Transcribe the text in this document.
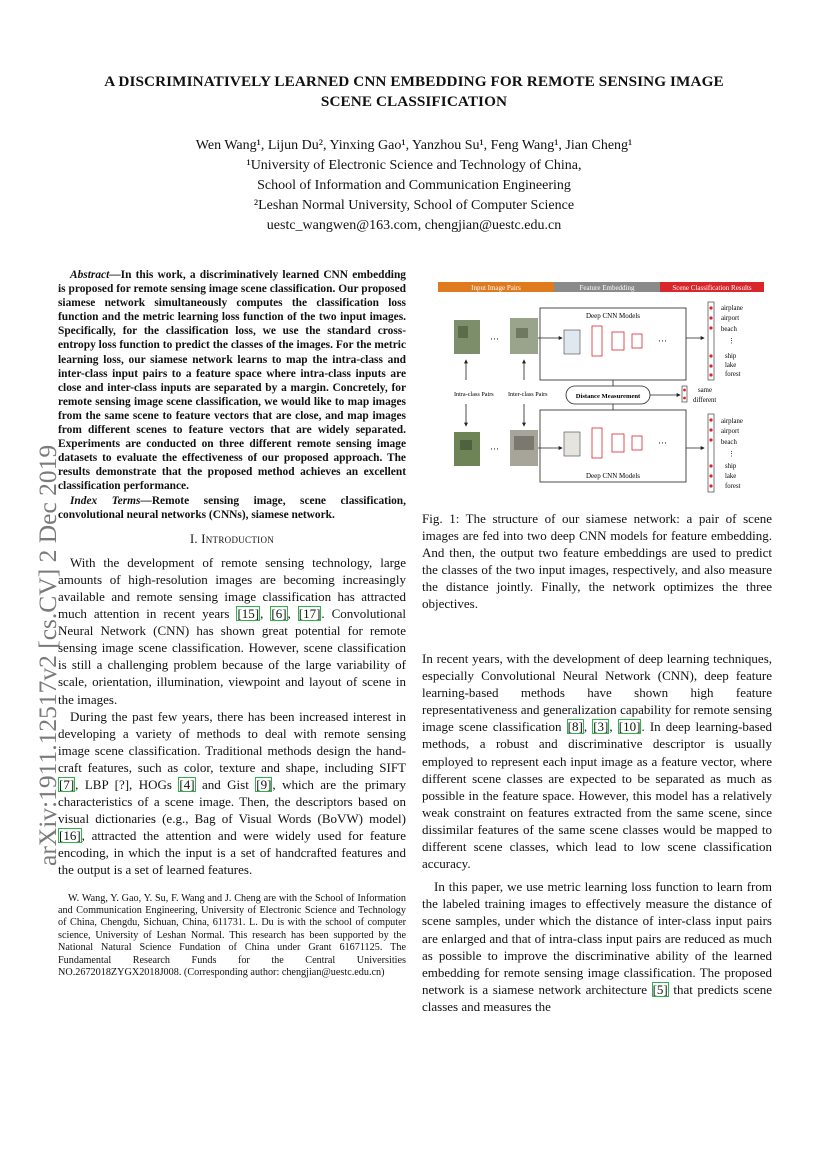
arXiv:1911.12517v2 [cs.CV] 2 Dec 2019
A DISCRIMINATIVELY LEARNED CNN EMBEDDING FOR REMOTE SENSING IMAGE
SCENE CLASSIFICATION
Wen Wang¹, Lijun Du², Yinxing Gao¹, Yanzhou Su¹, Feng Wang¹, Jian Cheng¹
¹University of Electronic Science and Technology of China,
School of Information and Communication Engineering
²Leshan Normal University, School of Computer Science
uestc_wangwen@163.com, chengjian@uestc.edu.cn

Abstract—In this work, a discriminatively learned CNN embedding is proposed for remote sensing image scene classification. Our proposed siamese network simultaneously computes the classification loss function and the metric learning loss function of the two input images. Specifically, for the classification loss, we use the standard cross-entropy loss function to predict the classes of the images. For the metric learning loss, our siamese network learns to map the intra-class and inter-class input pairs to a feature space where intra-class inputs are close and inter-class inputs are separated by a margin. Concretely, for remote sensing image scene classification, we would like to map images from the same scene to feature vectors that are close, and map images from different scenes to feature vectors that are widely separated. Experiments are conducted on three different remote sensing image datasets to evaluate the effectiveness of our proposed approach. The results demonstrate that the proposed method achieves an excellent classification performance.

Index Terms—Remote sensing image, scene classification, convolutional neural networks (CNNs), siamese network.

I. Introduction

With the development of remote sensing technology, large amounts of high-resolution images are becoming increasingly available and remote sensing image classification has attracted much attention in recent years [15], [6], [17]. Convolutional Neural Network (CNN) has shown great potential for remote sensing image scene classification. However, scene classification is still a challenging problem because of the large variability of scale, orientation, illumination, viewpoint and layout of scene in the images.

During the past few years, there has been increased interest in developing a variety of methods to deal with remote sensing image scene classification. Traditional methods design the hand-craft features, such as color, texture and shape, including SIFT [7], LBP [?], HOGs [4] and Gist [9], which are the primary characteristics of a scene image. Then, the descriptors based on visual dictionaries (e.g., Bag of Visual Words (BoVW) model) [16], attracted the attention and were widely used for feature encoding, in which the input is a set of handcrafted features and the output is a set of learned features.

W. Wang, Y. Gao, Y. Su, F. Wang and J. Cheng are with the School of Information and Communication Engineering, University of Electronic Science and Technology of China, Chengdu, Sichuan, China, 611731. L. Du is with the school of computer science, University of Leshan Normal. This research has been supported by the National Natural Science Fundation of China under Grant 61671125. The Fundamental Research Funds for the Central Universities NO.2672018ZYGX2018J008. (Corresponding author: chengjian@uestc.edu.cn)

Input Image Pairs	Feature Embedding	Scene Classification Results
···
···
Intra-class Pairs Inter-class Pairs
Deep CNN Models
···
airplane
airport
beach
⋮
ship
lake
forest
Distance Measurement
same
different
Deep CNN Models
···
airplane
airport
beach
⋮
ship
lake
forest

Fig. 1: The structure of our siamese network: a pair of scene images are fed into two deep CNN models for feature embedding. And then, the output two feature embeddings are used to predict the classes of the two input images, respectively, and also measure the distance jointly. Finally, the network optimizes the three objectives.

In recent years, with the development of deep learning techniques, especially Convolutional Neural Network (CNN), deep feature learning-based methods have shown high feature representativeness and generalization capability for remote sensing image scene classification [8], [3], [10]. In deep learning-based methods, a robust and discriminative descriptor is usually employed to represent each input image as a feature vector, where different scene classes are expected to be separated as much as possible in the feature space. However, this model has a relatively weak constraint on features extracted from the same scene, since dissimilar features of the same scene classes would be mapped to different scene classes, which lead to low scene classification accuracy.

In this paper, we use metric learning loss function to learn from the labeled training images to effectively measure the distance of scene samples, under which the distance of inter-class input pairs are enlarged and that of intra-class input pairs are reduced as much as possible to improve the discriminative ability of the learned embedding for remote sensing image classification. The proposed network is a siamese network architecture [5] that predicts scene classes and measures the
